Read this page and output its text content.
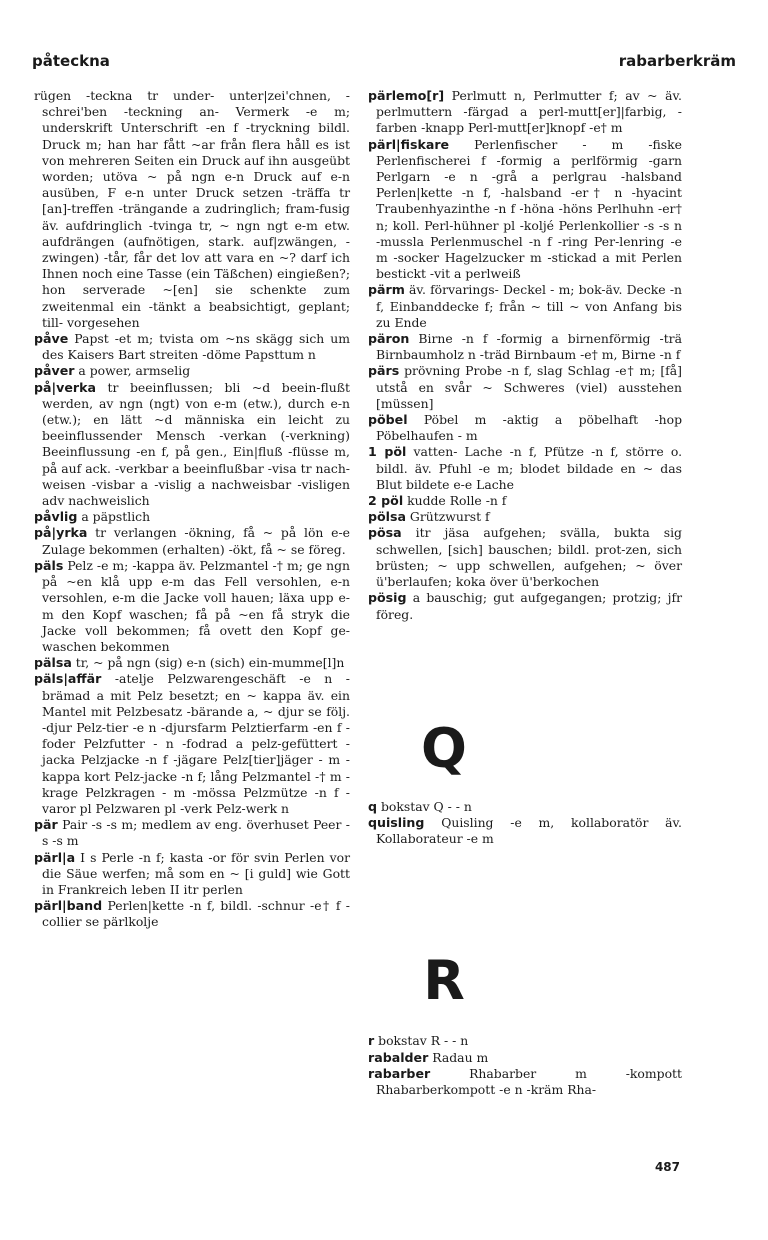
påteckna	rabarberkräm

rügen -teckna tr under- unter|zei'chnen, -schrei'ben -teckning an- Vermerk -e m; underskrift Unterschrift -en f -tryckning bildl. Druck m; han har fått ~ar från flera håll es ist von mehreren Seiten ein Druck auf ihn ausgeübt worden; utöva ~ på ngn e-n Druck auf e-n ausüben, F e-n unter Druck setzen -träffa tr [an]-treffen -trängande a zudringlich; fram-fusig äv. aufdringlich -tvinga tr, ~ ngn ngt e-m etw. aufdrängen (aufnötigen, stark. auf|zwängen, -zwingen) -tår, får det lov att vara en ~? darf ich Ihnen noch eine Tasse (ein Täßchen) eingießen?; hon serverade ~[en] sie schenkte zum zweitenmal ein -tänkt a beabsichtigt, geplant; till- vorgesehen

påve Papst -et m; tvista om ~ns skägg sich um des Kaisers Bart streiten -döme Papsttum n

påver a power, armselig

på|verka tr beeinflussen; bli ~d beein-flußt werden, av ngn (ngt) von e-m (etw.), durch e-n (etw.); en lätt ~d människa ein leicht zu beeinflussender Mensch -verkan (-verkning) Beeinflussung -en f, på gen., Ein|fluß -flüsse m, på auf ack. -verkbar a beeinflußbar -visa tr nach-weisen -visbar a -vislig a nachweisbar -visligen adv nachweislich

påvlig a päpstlich

på|yrka tr verlangen -ökning, få ~ på lön e-e Zulage bekommen (erhalten) -ökt, få ~ se föreg.

päls Pelz -e m; -kappa äv. Pelzmantel -† m; ge ngn på ~en klå upp e-m das Fell versohlen, e-n versohlen, e-m die Jacke voll hauen; läxa upp e-m den Kopf waschen; få på ~en få stryk die Jacke voll bekommen; få ovett den Kopf ge-waschen bekommen

pälsa tr, ~ på ngn (sig) e-n (sich) ein-mumme[l]n

päls|affär -atelje Pelzwarengeschäft -e n -brämad a mit Pelz besetzt; en ~ kappa äv. ein Mantel mit Pelzbesatz -bärande a, ~ djur se följ. -djur Pelz-tier -e n -djursfarm Pelztierfarm -en f -foder Pelzfutter - n -fodrad a pelz-gefüttert -jacka Pelzjacke -n f -jägare Pelz[tier]jäger - m -kappa kort Pelz-jacke -n f; lång Pelzmantel -† m -krage Pelzkragen - m -mössa Pelzmütze -n f -varor pl Pelzwaren pl -verk Pelz-werk n

pär Pair -s -s m; medlem av eng. överhuset Peer -s -s m

pärl|a I s Perle -n f; kasta -or för svin Perlen vor die Säue werfen; må som en ~ [i guld] wie Gott in Frankreich leben II itr perlen

pärl|band Perlen|kette -n f, bildl. -schnur -e† f -collier se pärlkolje

pärlemo[r] Perlmutt n, Perlmutter f; av ~ äv. perlmuttern -färgad a perl-mutt[er]|farbig, -farben -knapp Perl-mutt[er]knopf -e† m

pärl|fiskare Perlenfischer - m -fiske Perlenfischerei f -formig a perlförmig -garn Perlgarn -e n -grå a perlgrau -halsband Perlen|kette -n f, -halsband -er† n -hyacint Traubenhyazinthe -n f -höna -höns Perlhuhn -er† n; koll. Perl-hühner pl -koljé Perlenkollier -s -s n -mussla Perlenmuschel -n f -ring Per-lenring -e m -socker Hagelzucker m -stickad a mit Perlen bestickt -vit a perlweiß

pärm äv. förvarings- Deckel - m; bok-äv. Decke -n f, Einbanddecke f; från ~ till ~ von Anfang bis zu Ende

päron Birne -n f -formig a birnenförmig -trä Birnbaumholz n -träd Birnbaum -e† m, Birne -n f

pärs prövning Probe -n f, slag Schlag -e† m; [få] utstå en svår ~ Schweres (viel) ausstehen [müssen]

pöbel Pöbel m -aktig a pöbelhaft -hop Pöbelhaufen - m

1 pöl vatten- Lache -n f, Pfütze -n f, större o. bildl. äv. Pfuhl -e m; blodet bildade en ~ das Blut bildete e-e Lache

2 pöl kudde Rolle -n f

pölsa Grützwurst f

pösa itr jäsa aufgehen; svälla, bukta sig schwellen, [sich] bauschen; bildl. prot-zen, sich brüsten; ~ upp schwellen, aufgehen; ~ över ü'berlaufen; koka över ü'berkochen

pösig a bauschig; gut aufgegangen; protzig; jfr föreg.

Q

q bokstav Q - - n

quisling Quisling -e m, kollaboratör äv. Kollaborateur -e m

R

r bokstav R - - n

rabalder Radau m

rabarber Rhabarber m -kompott Rhabarberkompott -e n -kräm Rha-

487
